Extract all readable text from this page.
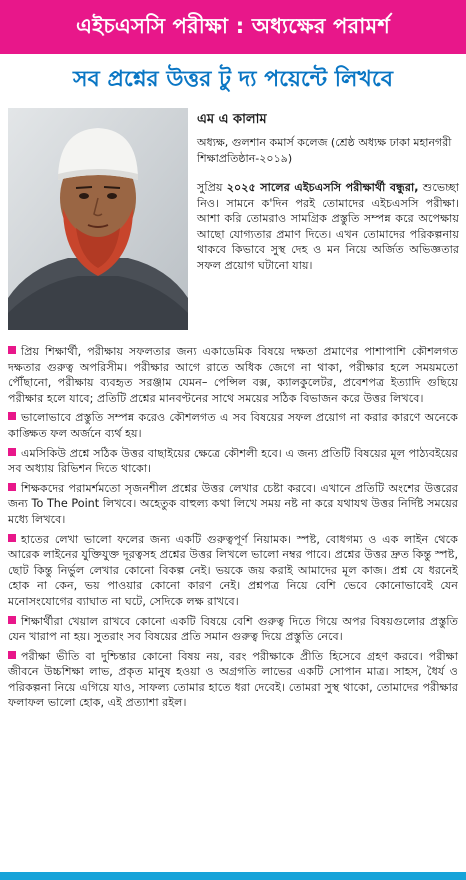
এইচএসসি পরীক্ষা : অধ্যক্ষের পরামর্শ
সব প্রশ্নের উত্তর টু দ্য পয়েন্টে লিখবে
এম এ কালাম
অধ্যক্ষ, গুলশান কমার্স কলেজ (শ্রেষ্ঠ অধ্যক্ষ ঢাকা মহানগরী শিক্ষাপ্রতিষ্ঠান-২০১৯)
সুপ্রিয় ২০২৫ সালের এইচএসসি পরীক্ষার্থী বন্ধুরা, শুভেচ্ছা নিও। সামনে ক'দিন পরই তোমাদের এইচএসসি পরীক্ষা। আশা করি তোমরাও সামগ্রিক প্রস্তুতি সম্পন্ন করে অপেক্ষায় আছো যোগ্যতার প্রমাণ দিতে। এখন তোমাদের পরিকল্পনায় থাকবে কিভাবে সুস্থ দেহ ও মন নিয়ে অর্জিত অভিজ্ঞতার সফল প্রয়োগ ঘটানো যায়।

প্রিয় শিক্ষার্থী, পরীক্ষায় সফলতার জন্য একাডেমিক বিষয়ে দক্ষতা প্রমাণের পাশাপাশি কৌশলগত দক্ষতার গুরুত্ব অপরিসীম। পরীক্ষার আগে রাতে অধিক জেগে না থাকা, পরীক্ষার হলে সময়মতো পৌঁছানো, পরীক্ষায় ব্যবহৃত সরঞ্জাম যেমন– পেন্সিল বক্স, ক্যালকুলেটর, প্রবেশপত্র ইত্যাদি গুছিয়ে পরীক্ষার হলে যাবে; প্রতিটি প্রশ্নের মানবণ্টনের সাথে সময়ের সঠিক বিভাজন করে উত্তর লিখবে।

ভালোভাবে প্রস্তুতি সম্পন্ন করেও কৌশলগত এ সব বিষয়ের সফল প্রয়োগ না করার কারণে অনেকে কাঙ্ক্ষিত ফল অর্জনে ব্যর্থ হয়।

এমসিকিউ প্রশ্নে সঠিক উত্তর বাছাইয়ের ক্ষেত্রে কৌশলী হবে। এ জন্য প্রতিটি বিষয়ের মূল পাঠ্যবইয়ের সব অধ্যায় রিভিশন দিতে থাকো।

শিক্ষকদের পরামর্শমতো সৃজনশীল প্রশ্নের উত্তর লেখার চেষ্টা করবে। এখানে প্রতিটি অংশের উত্তরের জন্য To The Point লিখবে। অহেতুক বাহুল্য কথা লিখে সময় নষ্ট না করে যথাযথ উত্তর নির্দিষ্ট সময়ের মধ্যে লিখবে।

হাতের লেখা ভালো ফলের জন্য একটি গুরুত্বপূর্ণ নিয়ামক। স্পষ্ট, বোধগম্য ও এক লাইন থেকে আরেক লাইনের যুক্তিযুক্ত দূরত্বসহ প্রশ্নের উত্তর লিখলে ভালো নম্বর পাবে। প্রশ্নের উত্তর দ্রুত কিন্তু স্পষ্ট, ছোট কিন্তু নির্ভুল লেখার কোনো বিকল্প নেই। ভয়কে জয় করাই আমাদের মূল কাজ। প্রশ্ন যে ধরনেই হোক না কেন, ভয় পাওয়ার কোনো কারণ নেই। প্রশ্নপত্র নিয়ে বেশি ভেবে কোনোভাবেই যেন মনোসংযোগের ব্যাঘাত না ঘটে, সেদিকে লক্ষ রাখবে।

শিক্ষার্থীরা খেয়াল রাখবে কোনো একটি বিষয়ে বেশি গুরুত্ব দিতে গিয়ে অপর বিষয়গুলোর প্রস্তুতি যেন খারাপ না হয়। সুতরাং সব বিষয়ের প্রতি সমান গুরুত্ব দিয়ে প্রস্তুতি নেবে।

পরীক্ষা ভীতি বা দুশ্চিন্তার কোনো বিষয় নয়, বরং পরীক্ষাকে প্রীতি হিসেবে গ্রহণ করবে। পরীক্ষা জীবনে উচ্চশিক্ষা লাভ, প্রকৃত মানুষ হওয়া ও অগ্রগতি লাভের একটি সোপান মাত্র। সাহস, ধৈর্য ও পরিকল্পনা নিয়ে এগিয়ে যাও, সাফল্য তোমার হাতে ধরা দেবেই। তোমরা সুস্থ থাকো, তোমাদের পরীক্ষার ফলাফল ভালো হোক, এই প্রত্যাশা রইল।
